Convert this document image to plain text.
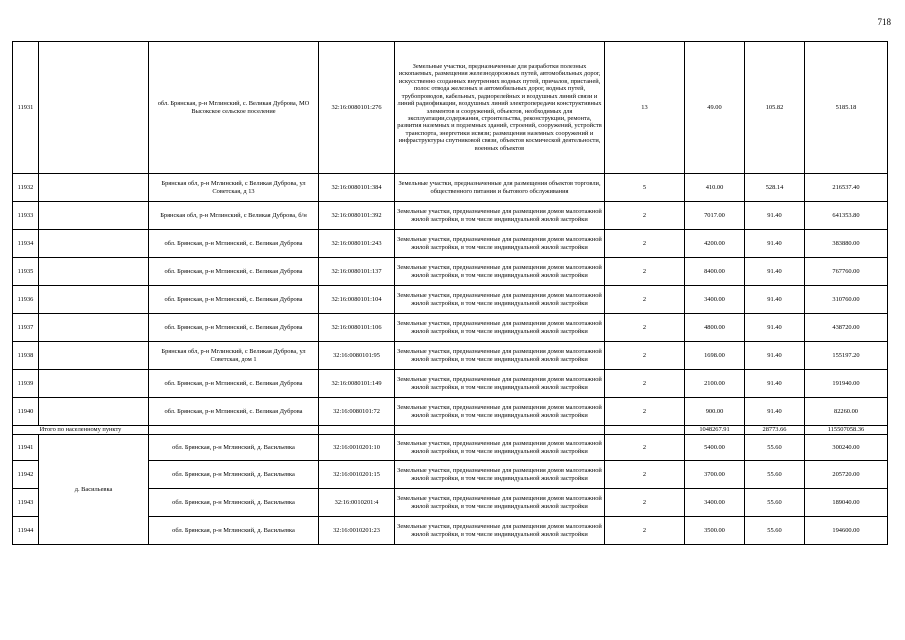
718
11931		обл. Брянская, р-н Мглинский, с. Великая Дуброва, МО Высокское сельское поселение	32:16:0080101:276	Земельные участки, предназначенные для разработки полезных ископаемых, размещения железнодорожных путей, автомобильных дорог, искусственно созданных внутренних водных путей, причалов, пристаней, полос отвода железных и автомобильных дорог, водных путей, трубопроводов, кабельных, радиорелейных и воздушных линий связи и линий радиофикации, воздушных линий электропередачи конструктивных элементов и сооружений, объектов, необходимых для эксплуатации,содержания, строительства, реконструкции, ремонта, развития наземных и подземных зданий, строений, сооружений, устройств транспорта, энергетики исвязи; размещения наземных сооружений и инфраструктуры спутниковой связи, объектов космической деятельности, военных объектов	13	49.00	105.82	5185.18
11932		Брянская обл, р-н Мглинский, с Великая Дуброва, ул Советская, д 13	32:16:0080101:384	Земельные участки, предназначенные для размещения объектов торговли, общественного питания и бытового обслуживания	5	410.00	528.14	216537.40
11933		Брянская обл, р-н Мглинский, с Великая Дуброва, б/н	32:16:0080101:392	Земельные участки, предназначенные для размещения домов малоэтажной жилой застройки, в том числе индивидуальной жилой застройки	2	7017.00	91.40	641353.80
11934		обл. Брянская, р-н Мглинский, с. Великая Дуброва	32:16:0080101:243	Земельные участки, предназначенные для размещения домов малоэтажной жилой застройки, в том числе индивидуальной жилой застройки	2	4200.00	91.40	383880.00
11935		обл. Брянская, р-н Мглинский, с. Великая Дуброва	32:16:0080101:137	Земельные участки, предназначенные для размещения домов малоэтажной жилой застройки, в том числе индивидуальной жилой застройки	2	8400.00	91.40	767760.00
11936		обл. Брянская, р-н Мглинский, с. Великая Дуброва	32:16:0080101:104	Земельные участки, предназначенные для размещения домов малоэтажной жилой застройки, в том числе индивидуальной жилой застройки	2	3400.00	91.40	310760.00
11937		обл. Брянская, р-н Мглинский, с. Великая Дуброва	32:16:0080101:106	Земельные участки, предназначенные для размещения домов малоэтажной жилой застройки, в том числе индивидуальной жилой застройки	2	4800.00	91.40	438720.00
11938		Брянская обл, р-н Мглинский, с Великая Дуброва, ул Советская, дом 1	32:16:0080101:95	Земельные участки, предназначенные для размещения домов малоэтажной жилой застройки, в том числе индивидуальной жилой застройки	2	1698.00	91.40	155197.20
11939		обл. Брянская, р-н Мглинский, с. Великая Дуброва	32:16:0080101:149	Земельные участки, предназначенные для размещения домов малоэтажной жилой застройки, в том числе индивидуальной жилой застройки	2	2100.00	91.40	191940.00
11940		обл. Брянская, р-н Мглинский, с. Великая Дуброва	32:16:0080101:72	Земельные участки, предназначенные для размещения домов малоэтажной жилой застройки, в том числе индивидуальной жилой застройки	2	900.00	91.40	82260.00
Итого по населенному пункту						1048267.91	28773.66	115507058.36
11941	д. Васильевка	обл. Брянская, р-н Мглинский, д. Васильевка	32:16:0010201:10	Земельные участки, предназначенные для размещения домов малоэтажной жилой застройки, в том числе индивидуальной жилой застройки	2	5400.00	55.60	300240.00
11942		обл. Брянская, р-н Мглинский, д. Васильевка	32:16:0010201:15	Земельные участки, предназначенные для размещения домов малоэтажной жилой застройки, в том числе индивидуальной жилой застройки	2	3700.00	55.60	205720.00
11943		обл. Брянская, р-н Мглинский, д. Васильевка	32:16:0010201:4	Земельные участки, предназначенные для размещения домов малоэтажной жилой застройки, в том числе индивидуальной жилой застройки	2	3400.00	55.60	189040.00
11944		обл. Брянская, р-н Мглинский, д. Васильевка	32:16:0010201:23	Земельные участки, предназначенные для размещения домов малоэтажной жилой застройки, в том числе индивидуальной жилой застройки	2	3500.00	55.60	194600.00
